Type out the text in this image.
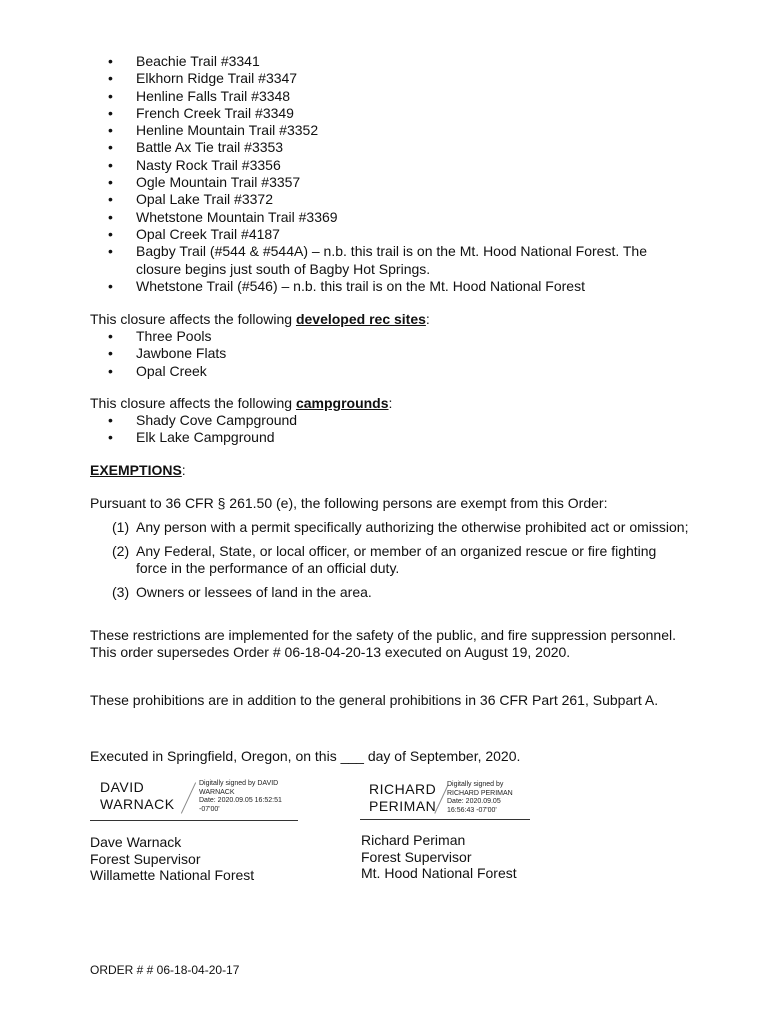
• Beachie Trail #3341
• Elkhorn Ridge Trail #3347
• Henline Falls Trail #3348
• French Creek Trail #3349
• Henline Mountain Trail #3352
• Battle Ax Tie trail #3353
• Nasty Rock Trail #3356
• Ogle Mountain Trail #3357
• Opal Lake Trail #3372
• Whetstone Mountain Trail #3369
• Opal Creek Trail #4187
• Bagby Trail (#544 & #544A) – n.b. this trail is on the Mt. Hood National Forest. The closure begins just south of Bagby Hot Springs.
• Whetstone Trail (#546) – n.b. this trail is on the Mt. Hood National Forest

This closure affects the following developed rec sites:

• Three Pools
• Jawbone Flats
• Opal Creek

This closure affects the following campgrounds:

• Shady Cove Campground
• Elk Lake Campground

EXEMPTIONS:

Pursuant to 36 CFR § 261.50 (e), the following persons are exempt from this Order:

(1) Any person with a permit specifically authorizing the otherwise prohibited act or omission;
(2) Any Federal, State, or local officer, or member of an organized rescue or fire fighting force in the performance of an official duty.
(3) Owners or lessees of land in the area.

These restrictions are implemented for the safety of the public, and fire suppression personnel.

This order supersedes Order # 06-18-04-20-13 executed on August 19, 2020.

These prohibitions are in addition to the general prohibitions in 36 CFR Part 261, Subpart A.

Executed in Springfield, Oregon, on this ___ day of September, 2020.

DAVID
WARNACK
Digitally signed by DAVID
WARNACK
Date: 2020.09.05 16:52:51
-07'00'
Dave Warnack
Forest Supervisor
Willamette National Forest
RICHARD
PERIMAN
Digitally signed by
RICHARD PERIMAN
Date: 2020.09.05
16:56:43 -07'00'
Richard Periman
Forest Supervisor
Mt. Hood National Forest
ORDER # # 06-18-04-20-17
